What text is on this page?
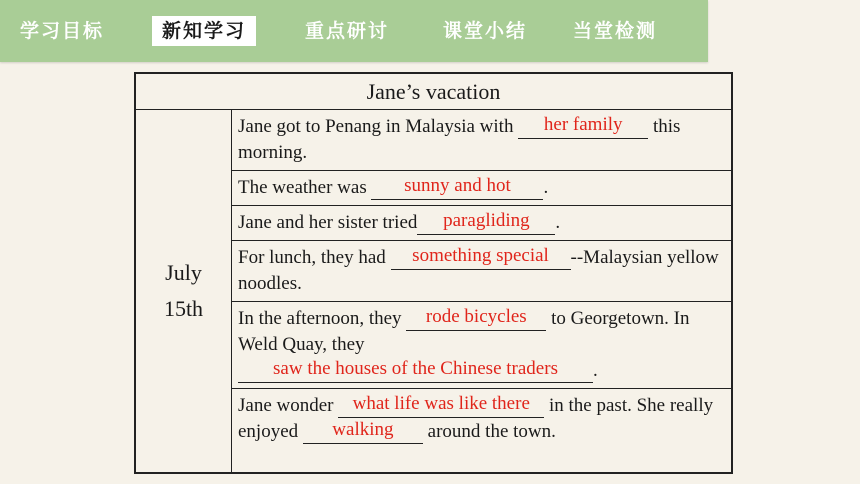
学习目标	新知学习	重点研讨	课堂小结 当堂检测
Jane’s vacation
July
15th	Jane got to Penang in Malaysia with her family this morning.
The weather was sunny and hot .
Jane and her sister tried paragliding .
For lunch, they had something special --Malaysian yellow noodles.
In the afternoon, they rode bicycles to Georgetown. In Weld Quay, they
saw the houses of the Chinese traders .
Jane wonder what life was like there in the past. She really enjoyed walking around the town.
